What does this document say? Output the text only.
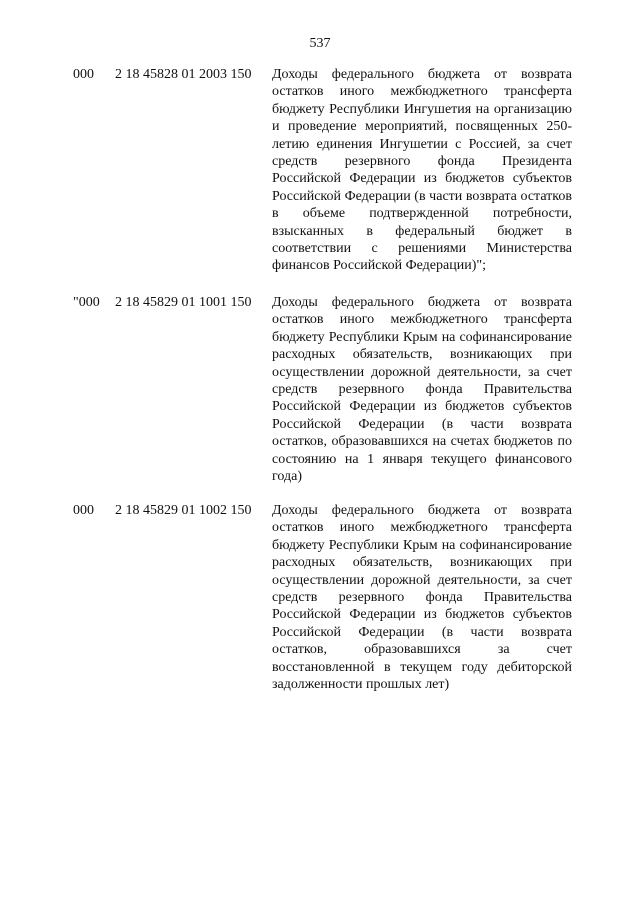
537
000 2 18 45828 01 2003 150 Доходы федерального бюджета от возврата остатков иного межбюджетного трансферта бюджету Республики Ингушетия на организацию и проведение мероприятий, посвященных 250-летию единения Ингушетии с Россией, за счет средств резервного фонда Президента Российской Федерации из бюджетов субъектов Российской Федерации (в части возврата остатков в объеме подтвержденной потребности, взысканных в федеральный бюджет в соответствии с решениями Министерства финансов Российской Федерации)";
"000 2 18 45829 01 1001 150 Доходы федерального бюджета от возврата остатков иного межбюджетного трансферта бюджету Республики Крым на софинансирование расходных обязательств, возникающих при осуществлении дорожной деятельности, за счет средств резервного фонда Правительства Российской Федерации из бюджетов субъектов Российской Федерации (в части возврата остатков, образовавшихся на счетах бюджетов по состоянию на 1 января текущего финансового года)
000 2 18 45829 01 1002 150 Доходы федерального бюджета от возврата остатков иного межбюджетного трансферта бюджету Республики Крым на софинансирование расходных обязательств, возникающих при осуществлении дорожной деятельности, за счет средств резервного фонда Правительства Российской Федерации из бюджетов субъектов Российской Федерации (в части возврата остатков, образовавшихся за счет восстановленной в текущем году дебиторской задолженности прошлых лет)
